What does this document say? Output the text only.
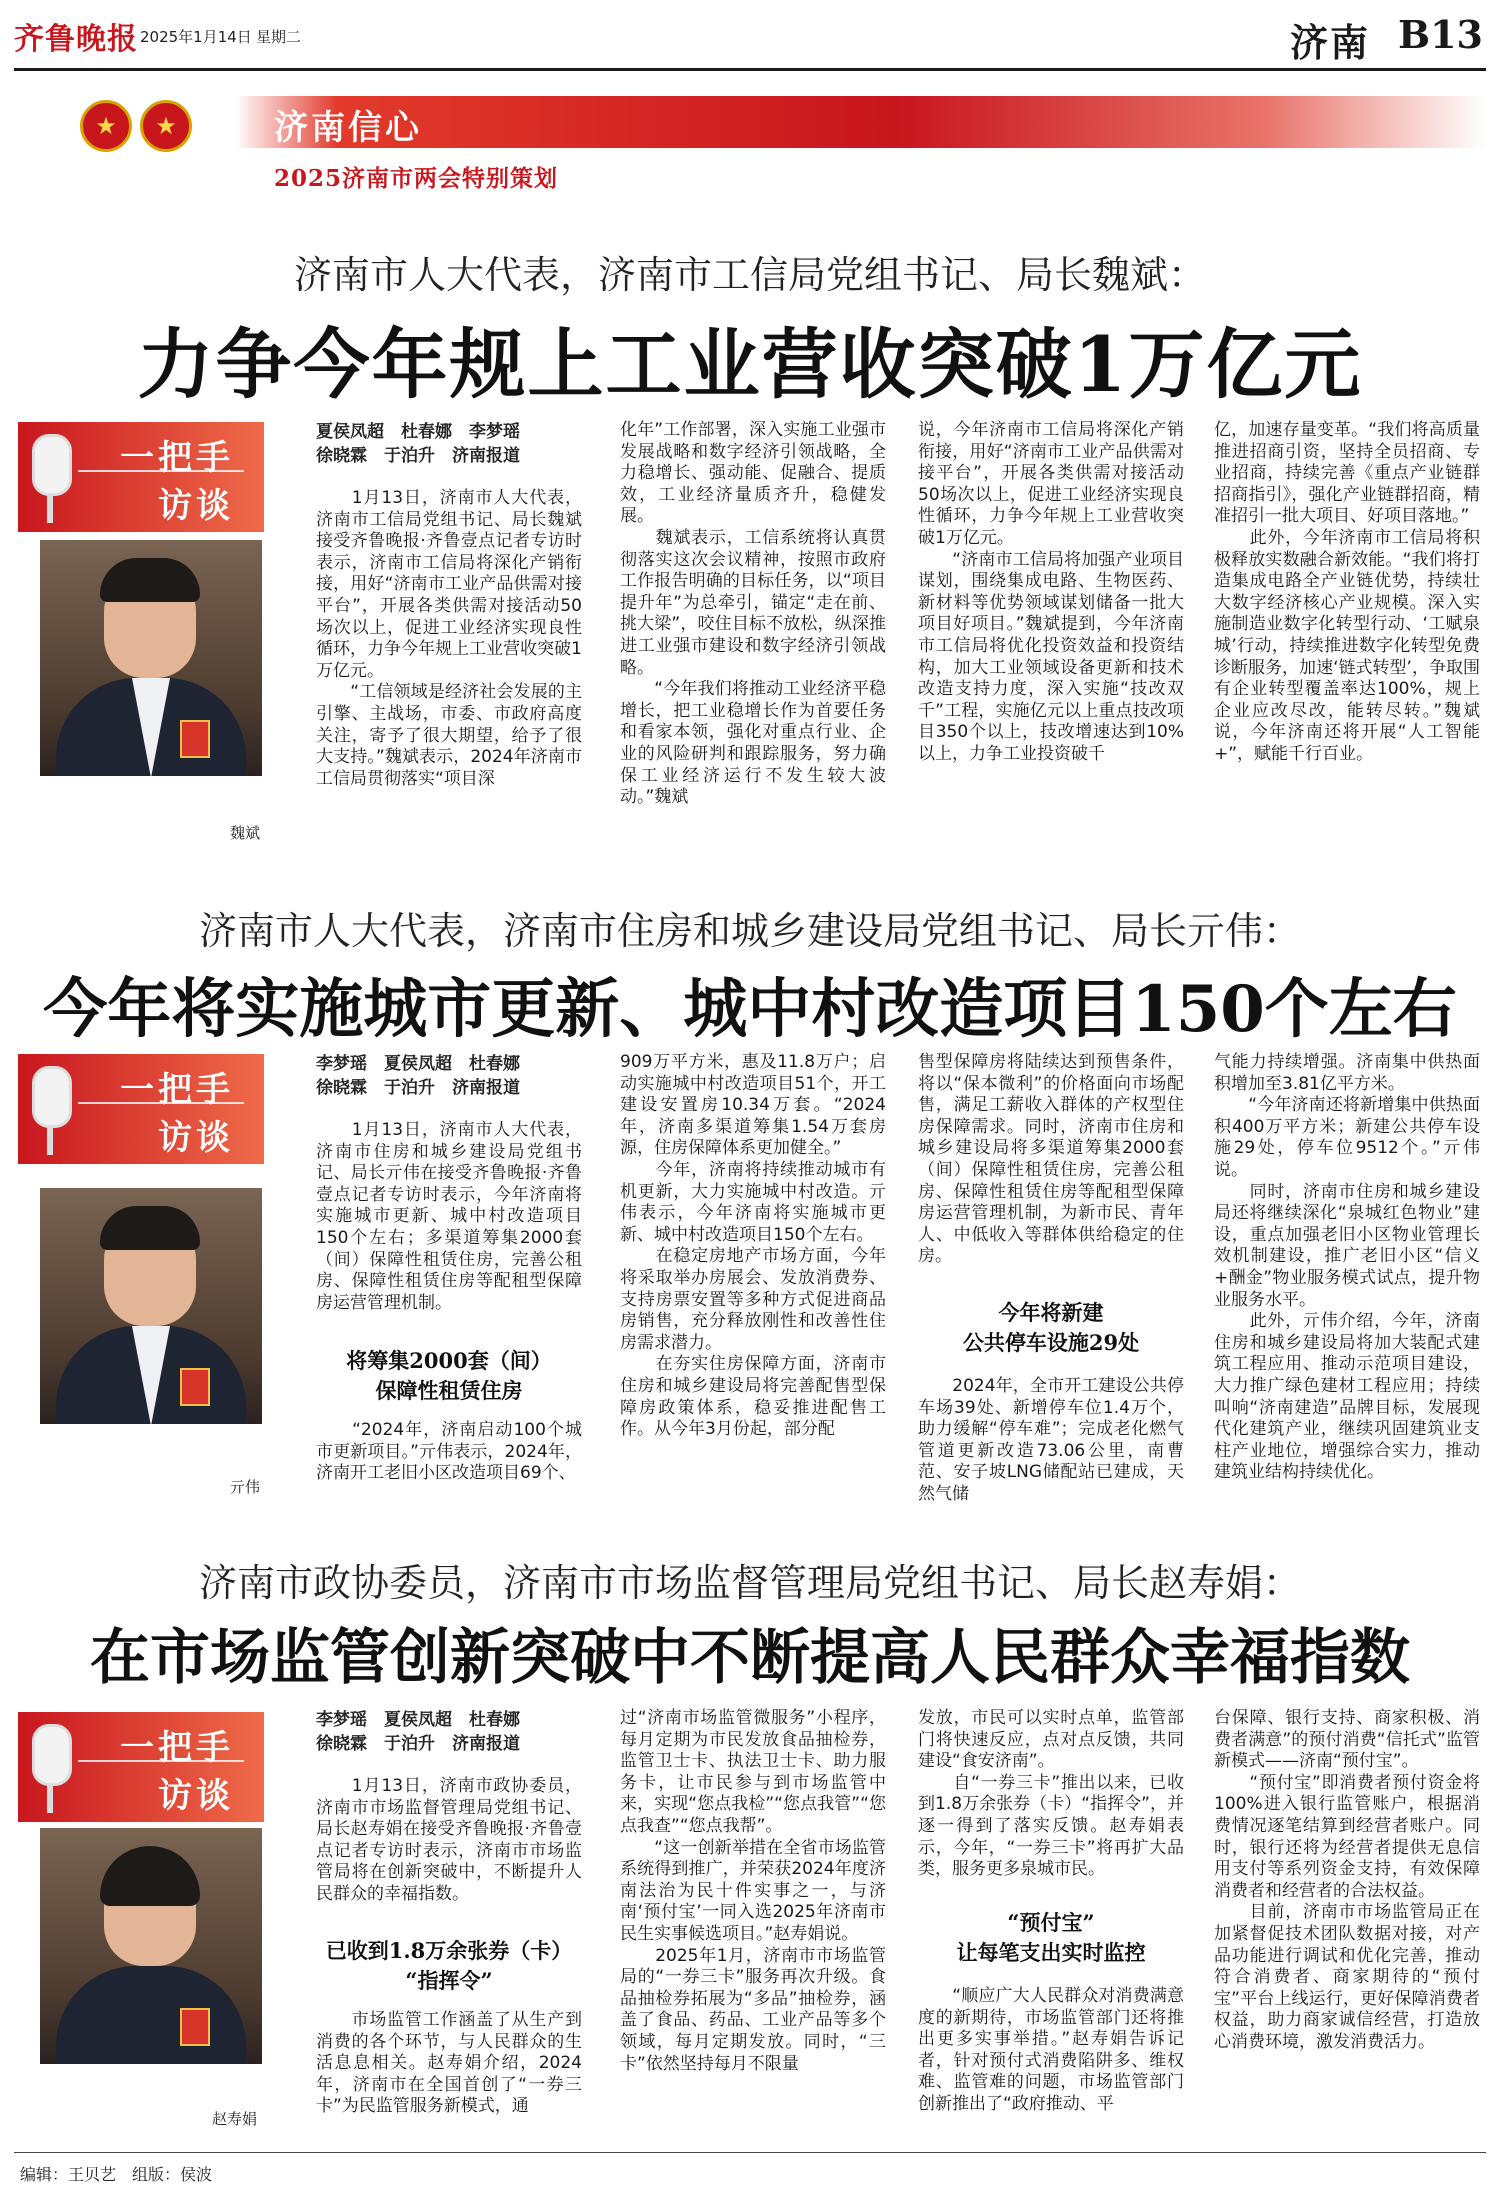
齐鲁晚报 2025年1月14日 星期二	济南 B13
★	★	济南信心
2025济南市两会特别策划
济南市人大代表，济南市工信局党组书记、局长魏斌：
力争今年规上工业营收突破1万亿元
一把手
访谈
魏斌
夏侯凤超　杜春娜　李梦瑶
徐晓霖　于泊升　济南报道
　　1月13日，济南市人大代表，济南市工信局党组书记、局长魏斌接受齐鲁晚报·齐鲁壹点记者专访时表示，济南市工信局将深化产销衔接，用好“济南市工业产品供需对接平台”，开展各类供需对接活动50场次以上，促进工业经济实现良性循环，力争今年规上工业营收突破1万亿元。
　　“工信领域是经济社会发展的主引擎、主战场，市委、市政府高度关注，寄予了很大期望，给予了很大支持。”魏斌表示，2024年济南市工信局贯彻落实“项目深
化年”工作部署，深入实施工业强市发展战略和数字经济引领战略，全力稳增长、强动能、促融合、提质效，工业经济量质齐升，稳健发展。
　　魏斌表示，工信系统将认真贯彻落实这次会议精神，按照市政府工作报告明确的目标任务，以“项目提升年”为总牵引，锚定“走在前、挑大梁”，咬住目标不放松，纵深推进工业强市建设和数字经济引领战略。
　　“今年我们将推动工业经济平稳增长，把工业稳增长作为首要任务和看家本领，强化对重点行业、企业的风险研判和跟踪服务，努力确保工业经济运行不发生较大波动。”魏斌
说，今年济南市工信局将深化产销衔接，用好“济南市工业产品供需对接平台”，开展各类供需对接活动50场次以上，促进工业经济实现良性循环，力争今年规上工业营收突破1万亿元。
　　“济南市工信局将加强产业项目谋划，围绕集成电路、生物医药、新材料等优势领域谋划储备一批大项目好项目。”魏斌提到，今年济南市工信局将优化投资效益和投资结构，加大工业领域设备更新和技术改造支持力度，深入实施“技改双千”工程，实施亿元以上重点技改项目350个以上，技改增速达到10%以上，力争工业投资破千
亿，加速存量变革。“我们将高质量推进招商引资，坚持全员招商、专业招商，持续完善《重点产业链群招商指引》，强化产业链群招商，精准招引一批大项目、好项目落地。”
　　此外，今年济南市工信局将积极释放实数融合新效能。“我们将打造集成电路全产业链优势，持续壮大数字经济核心产业规模。深入实施制造业数字化转型行动、‘工赋泉城’行动，持续推进数字化转型免费诊断服务，加速‘链式转型’，争取围有企业转型覆盖率达100%，规上企业应改尽改，能转尽转。”魏斌说，今年济南还将开展“人工智能+”，赋能千行百业。
济南市人大代表，济南市住房和城乡建设局党组书记、局长亓伟：
今年将实施城市更新、城中村改造项目150个左右
一把手
访谈
亓伟
李梦瑶　夏侯凤超　杜春娜
徐晓霖　于泊升　济南报道
　　1月13日，济南市人大代表，济南市住房和城乡建设局党组书记、局长亓伟在接受齐鲁晚报·齐鲁壹点记者专访时表示，今年济南将实施城市更新、城中村改造项目150个左右；多渠道筹集2000套（间）保障性租赁住房，完善公租房、保障性租赁住房等配租型保障房运营管理机制。
将筹集2000套（间）
保障性租赁住房
　　“2024年，济南启动100个城市更新项目。”亓伟表示，2024年，济南开工老旧小区改造项目69个、
909万平方米，惠及11.8万户；启动实施城中村改造项目51个，开工建设安置房10.34万套。“2024年，济南多渠道筹集1.54万套房源，住房保障体系更加健全。”
　　今年，济南将持续推动城市有机更新，大力实施城中村改造。亓伟表示，今年济南将实施城市更新、城中村改造项目150个左右。
　　在稳定房地产市场方面，今年将采取举办房展会、发放消费券、支持房票安置等多种方式促进商品房销售，充分释放刚性和改善性住房需求潜力。
　　在夯实住房保障方面，济南市住房和城乡建设局将完善配售型保障房政策体系，稳妥推进配售工作。从今年3月份起，部分配
售型保障房将陆续达到预售条件，将以“保本微利”的价格面向市场配售，满足工薪收入群体的产权型住房保障需求。同时，济南市住房和城乡建设局将多渠道筹集2000套（间）保障性租赁住房，完善公租房、保障性租赁住房等配租型保障房运营管理机制，为新市民、青年人、中低收入等群体供给稳定的住房。
今年将新建
公共停车设施29处
　　2024年，全市开工建设公共停车场39处、新增停车位1.4万个，助力缓解“停车难”；完成老化燃气管道更新改造73.06公里，南曹范、安子坡LNG储配站已建成，天然气储
气能力持续增强。济南集中供热面积增加至3.81亿平方米。
　　“今年济南还将新增集中供热面积400万平方米；新建公共停车设施29处，停车位9512个。”亓伟说。
　　同时，济南市住房和城乡建设局还将继续深化“泉城红色物业”建设，重点加强老旧小区物业管理长效机制建设，推广老旧小区“信义+酬金”物业服务模式试点，提升物业服务水平。
　　此外，亓伟介绍，今年，济南住房和城乡建设局将加大装配式建筑工程应用、推动示范项目建设，大力推广绿色建材工程应用；持续叫响“济南建造”品牌目标，发展现代化建筑产业，继续巩固建筑业支柱产业地位，增强综合实力，推动建筑业结构持续优化。
济南市政协委员，济南市市场监督管理局党组书记、局长赵寿娟：
在市场监管创新突破中不断提高人民群众幸福指数
一把手
访谈
赵寿娟
李梦瑶　夏侯凤超　杜春娜
徐晓霖　于泊升　济南报道
　　1月13日，济南市政协委员，济南市市场监督管理局党组书记、局长赵寿娟在接受齐鲁晚报·齐鲁壹点记者专访时表示，济南市市场监管局将在创新突破中，不断提升人民群众的幸福指数。
已收到1.8万余张券（卡）
“指挥令”
　　市场监管工作涵盖了从生产到消费的各个环节，与人民群众的生活息息相关。赵寿娟介绍，2024年，济南市在全国首创了“一券三卡”为民监管服务新模式，通
过“济南市场监管微服务”小程序，每月定期为市民发放食品抽检券，监管卫士卡、执法卫士卡、助力服务卡，让市民参与到市场监管中来，实现“您点我检”“您点我管”“您点我查”“您点我帮”。
　　“这一创新举措在全省市场监管系统得到推广，并荣获2024年度济南法治为民十件实事之一，与济南‘预付宝’一同入选2025年济南市民生实事候选项目。”赵寿娟说。
　　2025年1月，济南市市场监管局的“一券三卡”服务再次升级。食品抽检券拓展为“多品”抽检券，涵盖了食品、药品、工业产品等多个领域，每月定期发放。同时，“三卡”依然坚持每月不限量
发放，市民可以实时点单，监管部门将快速反应，点对点反馈，共同建设“食安济南”。
　　自“一券三卡”推出以来，已收到1.8万余张券（卡）“指挥令”，并逐一得到了落实反馈。赵寿娟表示，今年，“一券三卡”将再扩大品类，服务更多泉城市民。
“预付宝”
让每笔支出实时监控
　　“顺应广大人民群众对消费满意度的新期待，市场监管部门还将推出更多实事举措。”赵寿娟告诉记者，针对预付式消费陷阱多、维权难、监管难的问题，市场监管部门创新推出了“政府推动、平
台保障、银行支持、商家积极、消费者满意”的预付消费“信托式”监管新模式——济南“预付宝”。
　　“预付宝”即消费者预付资金将100%进入银行监管账户，根据消费情况逐笔结算到经营者账户。同时，银行还将为经营者提供无息信用支付等系列资金支持，有效保障消费者和经营者的合法权益。
　　目前，济南市市场监管局正在加紧督促技术团队数据对接，对产品功能进行调试和优化完善，推动符合消费者、商家期待的“预付宝”平台上线运行，更好保障消费者权益，助力商家诚信经营，打造放心消费环境，激发消费活力。
编辑：王贝艺　组版：侯波
